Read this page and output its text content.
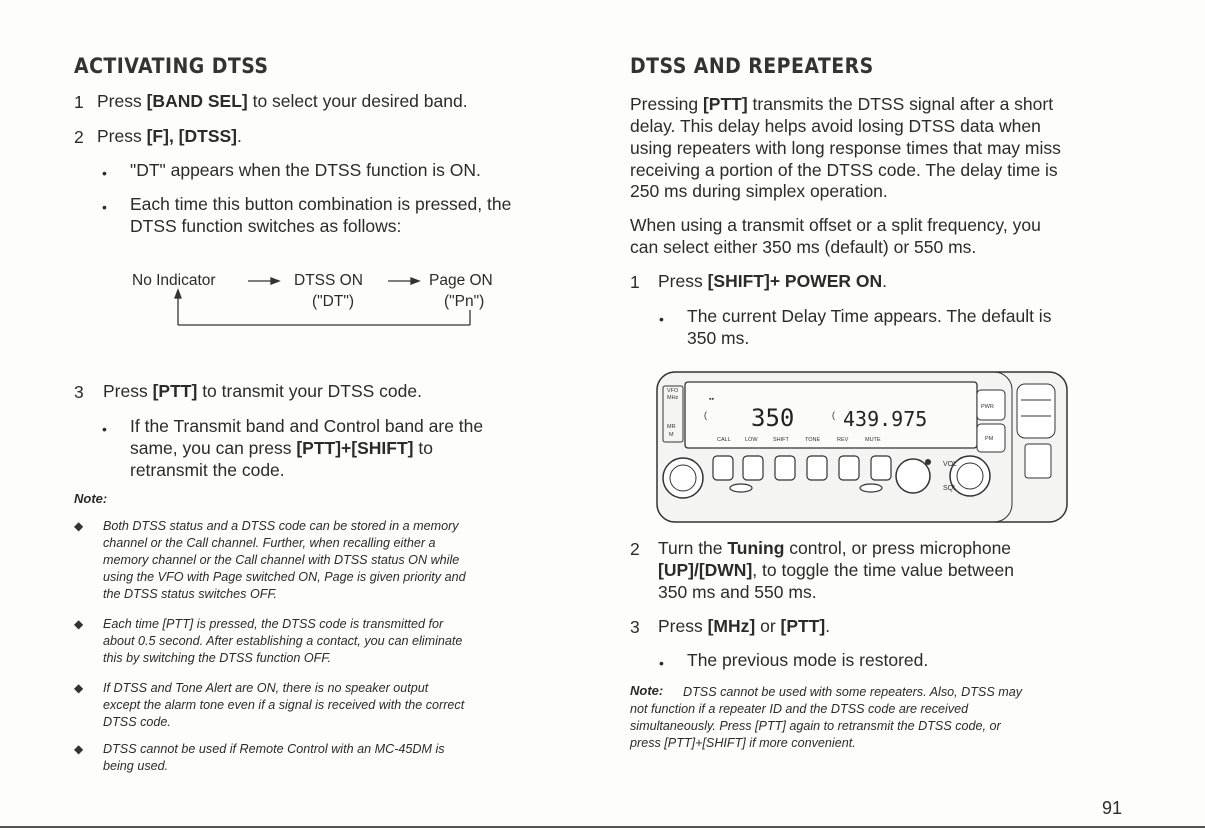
ACTIVATING DTSS
1 Press [BAND SEL] to select your desired band.
2 Press [F], [DTSS].
• "DT" appears when the DTSS function is ON.
• Each time this button combination is pressed, the
DTSS function switches as follows:
No Indicator	DTSS ON	Page ON
("DT")	("Pn")
3 Press [PTT] to transmit your DTSS code.
• If the Transmit band and Control band are the
same, you can press [PTT]+[SHIFT] to
retransmit the code.
Note:
◆ Both DTSS status and a DTSS code can be stored in a memory
channel or the Call channel. Further, when recalling either a
memory channel or the Call channel with DTSS status ON while
using the VFO with Page switched ON, Page is given priority and
the DTSS status switches OFF.
◆ Each time [PTT] is pressed, the DTSS code is transmitted for
about 0.5 second. After establishing a contact, you can eliminate
this by switching the DTSS function OFF.
◆ If DTSS and Tone Alert are ON, there is no speaker output
except the alarm tone even if a signal is received with the correct
DTSS code.
◆ DTSS cannot be used if Remote Control with an MC-45DM is
being used.
DTSS AND REPEATERS
Pressing [PTT] transmits the DTSS signal after a short
delay. This delay helps avoid losing DTSS data when
using repeaters with long response times that may miss
receiving a portion of the DTSS code. The delay time is
250 ms during simplex operation.
When using a transmit offset or a split frequency, you
can select either 350 ms (default) or 550 ms.
1 Press [SHIFT]+ POWER ON.
• The current Delay Time appears. The default is
350 ms.
▪▪
(	(
350 439.975
CALL	LOW	SHIFT	TONE	REV	MUTE
VFO
MHz
MR
M
PWR
PM
VOL
SQL
2 Turn the Tuning control, or press microphone
[UP]/[DWN], to toggle the time value between
350 ms and 550 ms.
3 Press [MHz] or [PTT].
• The previous mode is restored.
Note: DTSS cannot be used with some repeaters. Also, DTSS may
not function if a repeater ID and the DTSS code are received
simultaneously. Press [PTT] again to retransmit the DTSS code, or
press [PTT]+[SHIFT] if more convenient.
91
